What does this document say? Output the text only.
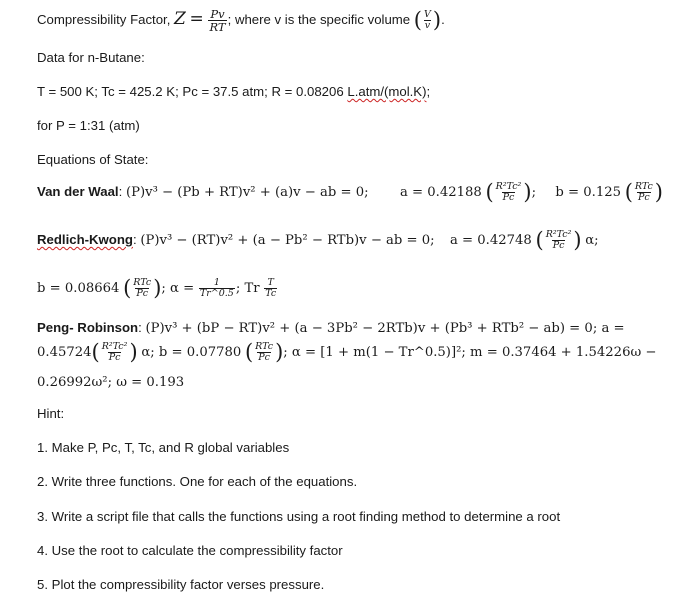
Compressibility Factor, $Z = \frac{Pv}{RT}$ ; where v is the specific volume ( $\frac{V}{v}$ ).
Data for n-Butane:
T = 500 K; Tc = 425.2 K; Pc = 37.5 atm; R = 0.08206 L.atm/(mol.K);
for P = 1:31 (atm)
Equations of State:
Van der Waal: (P)v³ − (Pb + RT)v² + (a)v − ab = 0; a = 0.42188 ( $\frac{\text{R²Tc²}}{Pc}$ ); b = 0.125 ( $\frac{\text{RTc}}{Pc}$ )
Redlich-Kwong: (P)v³ − (RT)v² + (a − Pb² − RTb)v − ab = 0; a = 0.42748 ( $\frac{\text{R²Tc²}}{Pc}$ ) α;
b = 0.08664 ( $\frac{\text{RTc}}{Pc}$ ); $\alpha = \frac{1}{Tr\^{}0.5}$ ; Tr $\frac{T}{Tc}$
Peng- Robinson: (P)v³ + (bP − RT)v² + (a − 3Pb² − 2RTb)v + (Pb³ + RTb² − ab) = 0; a =
$0.45724( \frac{\text{R²Tc²}}{Pc}$ ) α; b = 0.07780 ( $\frac{\text{RTc}}{Pc}$ ); α = [1 + m(1 − Tr^0.5)]²; m = 0.37464 + 1.54226ω −
0.26992ω²; ω = 0.193
Hint:
1. Make P, Pc, T, Tc, and R global variables
2. Write three functions. One for each of the equations.
3. Write a script file that calls the functions using a root finding method to determine a root
4. Use the root to calculate the compressibility factor
5. Plot the compressibility factor verses pressure.
